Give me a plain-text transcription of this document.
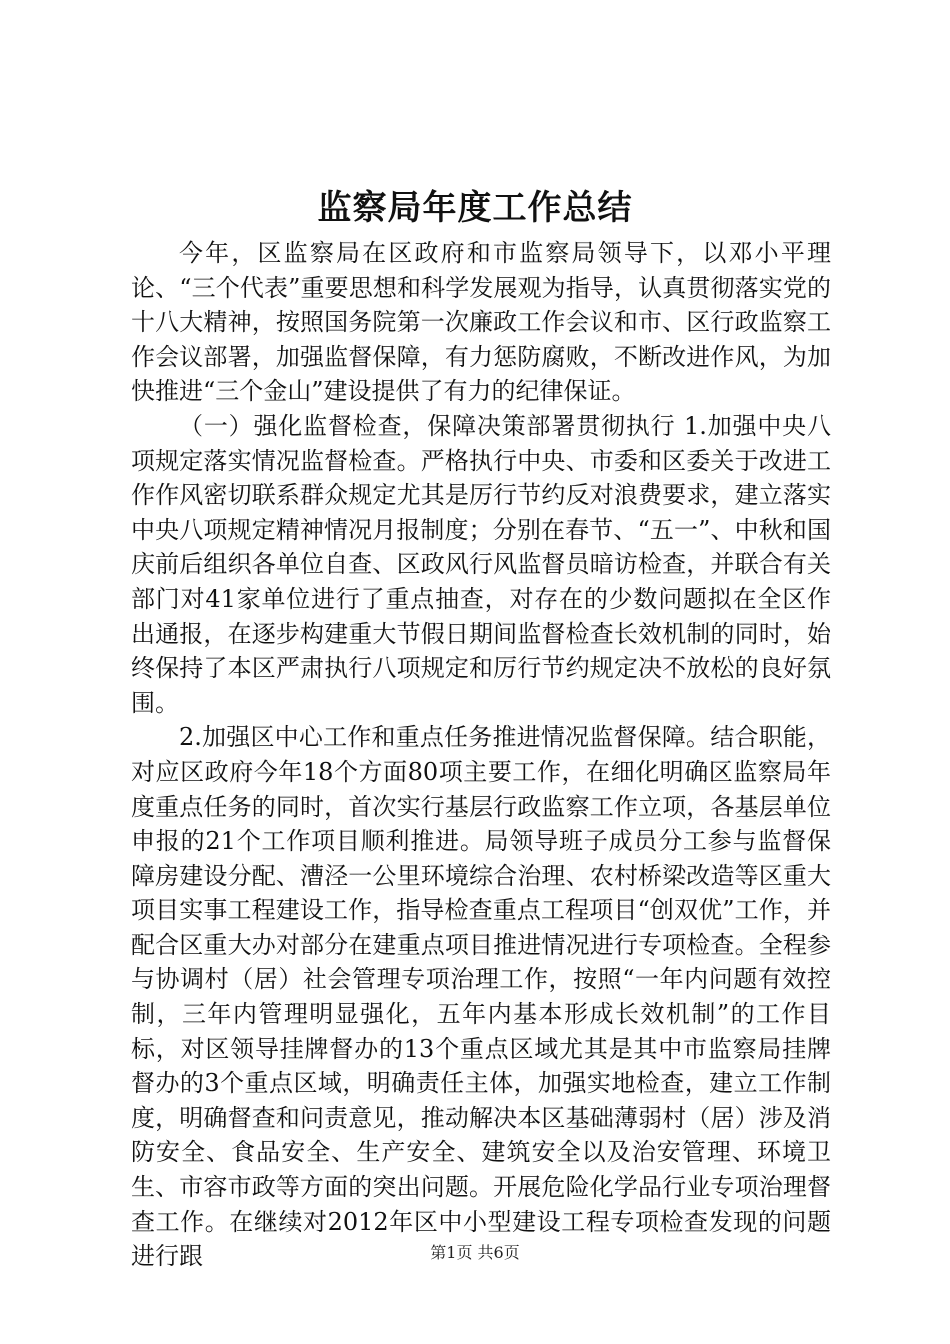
监察局年度工作总结

今年，区监察局在区政府和市监察局领导下，以邓小平理论、“三个代表”重要思想和科学发展观为指导，认真贯彻落实党的十八大精神，按照国务院第一次廉政工作会议和市、区行政监察工作会议部署，加强监督保障，有力惩防腐败，不断改进作风，为加快推进“三个金山”建设提供了有力的纪律保证。

（一）强化监督检查，保障决策部署贯彻执行 1.加强中央八项规定落实情况监督检查。严格执行中央、市委和区委关于改进工作作风密切联系群众规定尤其是厉行节约反对浪费要求，建立落实中央八项规定精神情况月报制度；分别在春节、“五一”、中秋和国庆前后组织各单位自查、区政风行风监督员暗访检查，并联合有关部门对41家单位进行了重点抽查，对存在的少数问题拟在全区作出通报，在逐步构建重大节假日期间监督检查长效机制的同时，始终保持了本区严肃执行八项规定和厉行节约规定决不放松的良好氛围。

2.加强区中心工作和重点任务推进情况监督保障。结合职能，对应区政府今年18个方面80项主要工作，在细化明确区监察局年度重点任务的同时，首次实行基层行政监察工作立项，各基层单位申报的21个工作项目顺利推进。局领导班子成员分工参与监督保障房建设分配、漕泾一公里环境综合治理、农村桥梁改造等区重大项目实事工程建设工作，指导检查重点工程项目“创双优”工作，并配合区重大办对部分在建重点项目推进情况进行专项检查。全程参与协调村（居）社会管理专项治理工作，按照“一年内问题有效控制，三年内管理明显强化，五年内基本形成长效机制”的工作目标，对区领导挂牌督办的13个重点区域尤其是其中市监察局挂牌督办的3个重点区域，明确责任主体，加强实地检查，建立工作制度，明确督查和问责意见，推动解决本区基础薄弱村（居）涉及消防安全、食品安全、生产安全、建筑安全以及治安管理、环境卫生、市容市政等方面的突出问题。开展危险化学品行业专项治理督查工作。在继续对2012年区中小型建设工程专项检查发现的问题进行跟	第1页 共6页
